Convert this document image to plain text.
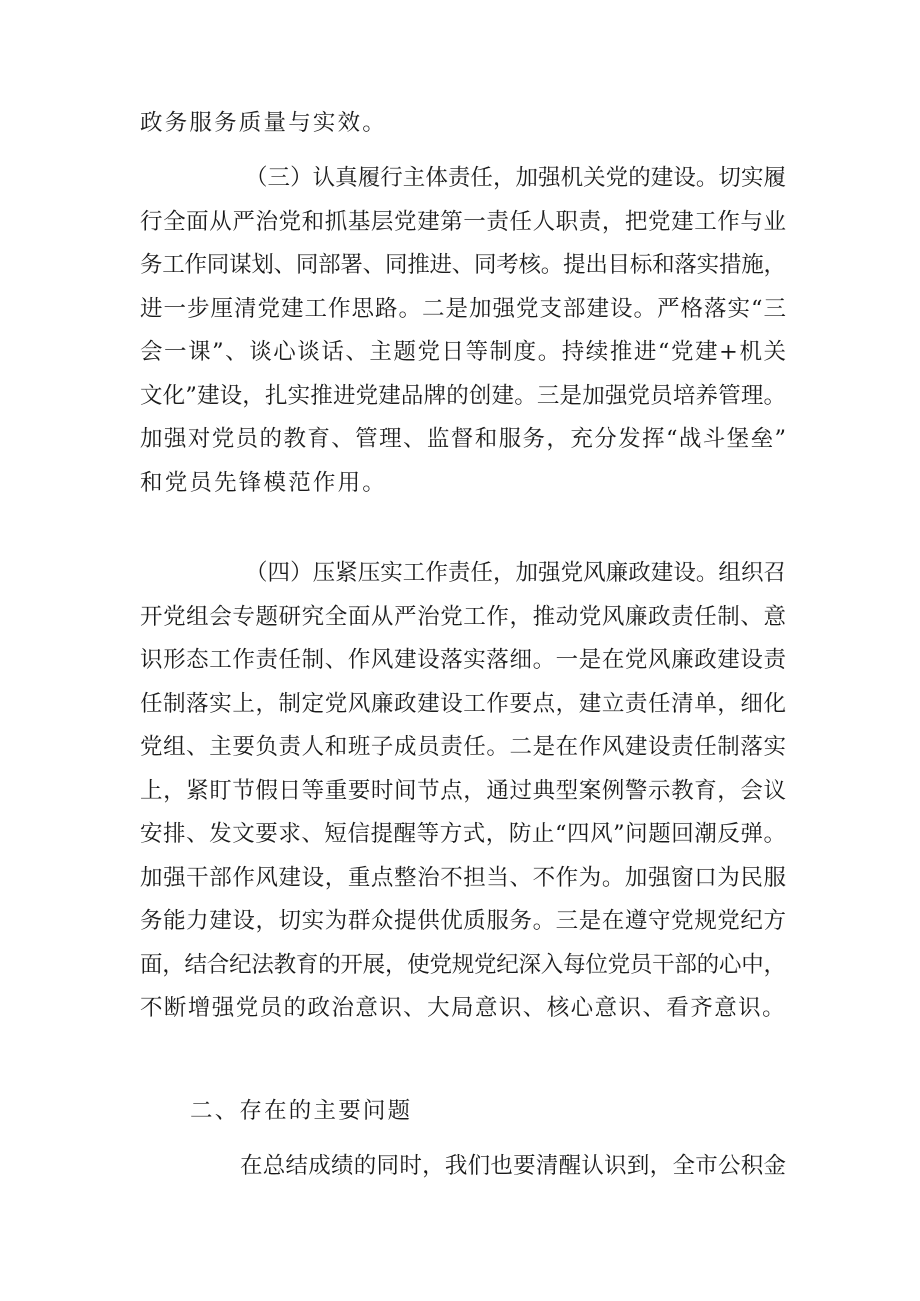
政务服务质量与实效。
（三）认真履行主体责任，加强机关党的建设。切实履
行全面从严治党和抓基层党建第一责任人职责，把党建工作与业
务工作同谋划、同部署、同推进、同考核。提出目标和落实措施，
进一步厘清党建工作思路。二是加强党支部建设。严格落实“三
会一课”、谈心谈话、主题党日等制度。持续推进“党建+机关
文化”建设，扎实推进党建品牌的创建。三是加强党员培养管理。
加强对党员的教育、管理、监督和服务，充分发挥“战斗堡垒”
和党员先锋模范作用。
（四）压紧压实工作责任，加强党风廉政建设。组织召
开党组会专题研究全面从严治党工作，推动党风廉政责任制、意
识形态工作责任制、作风建设落实落细。一是在党风廉政建设责
任制落实上，制定党风廉政建设工作要点，建立责任清单，细化
党组、主要负责人和班子成员责任。二是在作风建设责任制落实
上，紧盯节假日等重要时间节点，通过典型案例警示教育，会议
安排、发文要求、短信提醒等方式，防止“四风”问题回潮反弹。
加强干部作风建设，重点整治不担当、不作为。加强窗口为民服
务能力建设，切实为群众提供优质服务。三是在遵守党规党纪方
面，结合纪法教育的开展，使党规党纪深入每位党员干部的心中，
不断增强党员的政治意识、大局意识、核心意识、看齐意识。
二、存在的主要问题
在总结成绩的同时，我们也要清醒认识到，全市公积金
